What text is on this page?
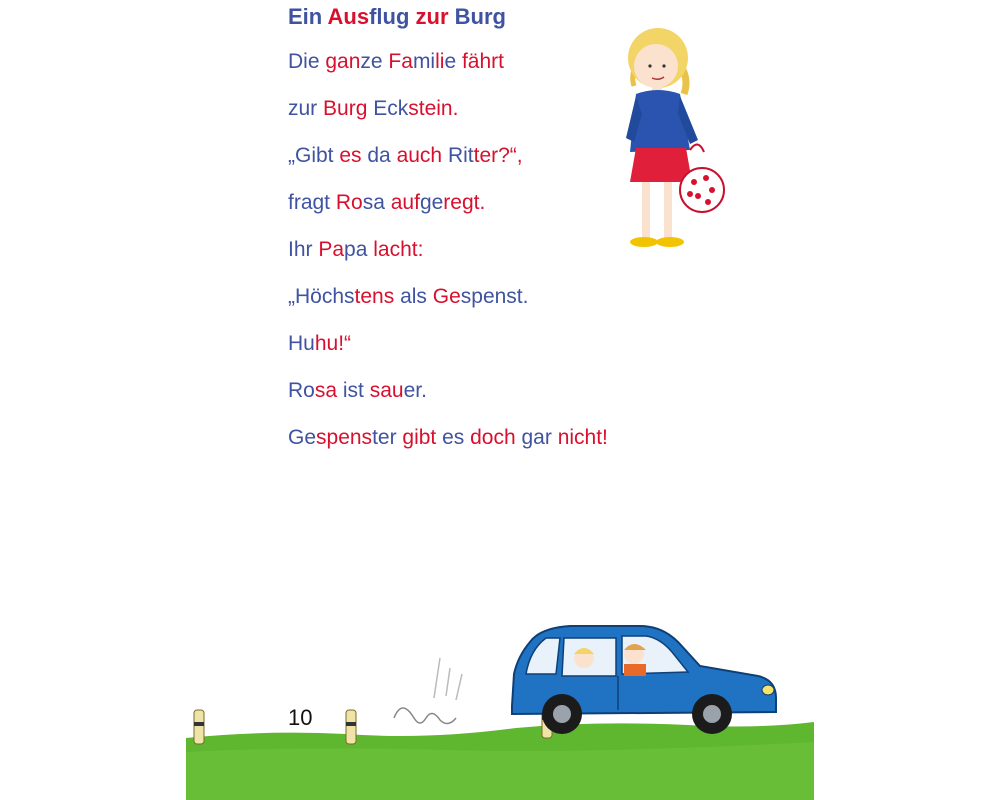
Ein Ausflug zur Burg
Die ganze Familie fährt
zur Burg Eckstein.
„Gibt es da auch Ritter?“,
fragt Rosa aufgeregt.
Ihr Papa lacht:
„Höchstens als Gespenst.
Huhu!“
Rosa ist sauer.
Gespenster gibt es doch gar nicht!
10
